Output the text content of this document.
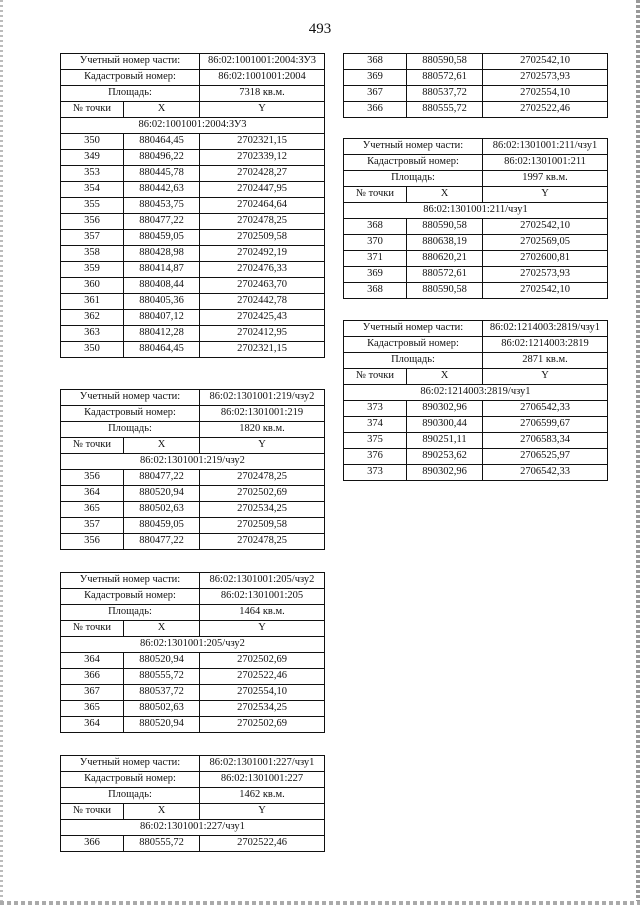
493
Учетный номер части:		86:02:1001001:2004:ЗУ3
Кадастровый номер:		86:02:1001001:2004
Площадь:		7318 кв.м.
№ точки	X	Y
86:02:1001001:2004:ЗУ3		
350	880464,45	2702321,15
349	880496,22	2702339,12
353	880445,78	2702428,27
354	880442,63	2702447,95
355	880453,75	2702464,64
356	880477,22	2702478,25
357	880459,05	2702509,58
358	880428,98	2702492,19
359	880414,87	2702476,33
360	880408,44	2702463,70
361	880405,36	2702442,78
362	880407,12	2702425,43
363	880412,28	2702412,95
350	880464,45	2702321,15
Учетный номер части:		86:02:1301001:219/чзу2
Кадастровый номер:		86:02:1301001:219
Площадь:		1820 кв.м.
№ точки	X	Y
86:02:1301001:219/чзу2		
356	880477,22	2702478,25
364	880520,94	2702502,69
365	880502,63	2702534,25
357	880459,05	2702509,58
356	880477,22	2702478,25
Учетный номер части:		86:02:1301001:205/чзу2
Кадастровый номер:		86:02:1301001:205
Площадь:		1464 кв.м.
№ точки	X	Y
86:02:1301001:205/чзу2		
364	880520,94	2702502,69
366	880555,72	2702522,46
367	880537,72	2702554,10
365	880502,63	2702534,25
364	880520,94	2702502,69
Учетный номер части:		86:02:1301001:227/чзу1
Кадастровый номер:		86:02:1301001:227
Площадь:		1462 кв.м.
№ точки	X	Y
86:02:1301001:227/чзу1		
366	880555,72	2702522,46
368	880590,58	2702542,10
369	880572,61	2702573,93
367	880537,72	2702554,10
366	880555,72	2702522,46
Учетный номер части:		86:02:1301001:211/чзу1
Кадастровый номер:		86:02:1301001:211
Площадь:		1997 кв.м.
№ точки	X	Y
86:02:1301001:211/чзу1		
368	880590,58	2702542,10
370	880638,19	2702569,05
371	880620,21	2702600,81
369	880572,61	2702573,93
368	880590,58	2702542,10
Учетный номер части:		86:02:1214003:2819/чзу1
Кадастровый номер:		86:02:1214003:2819
Площадь:		2871 кв.м.
№ точки	X	Y
86:02:1214003:2819/чзу1		
373	890302,96	2706542,33
374	890300,44	2706599,67
375	890251,11	2706583,34
376	890253,62	2706525,97
373	890302,96	2706542,33
